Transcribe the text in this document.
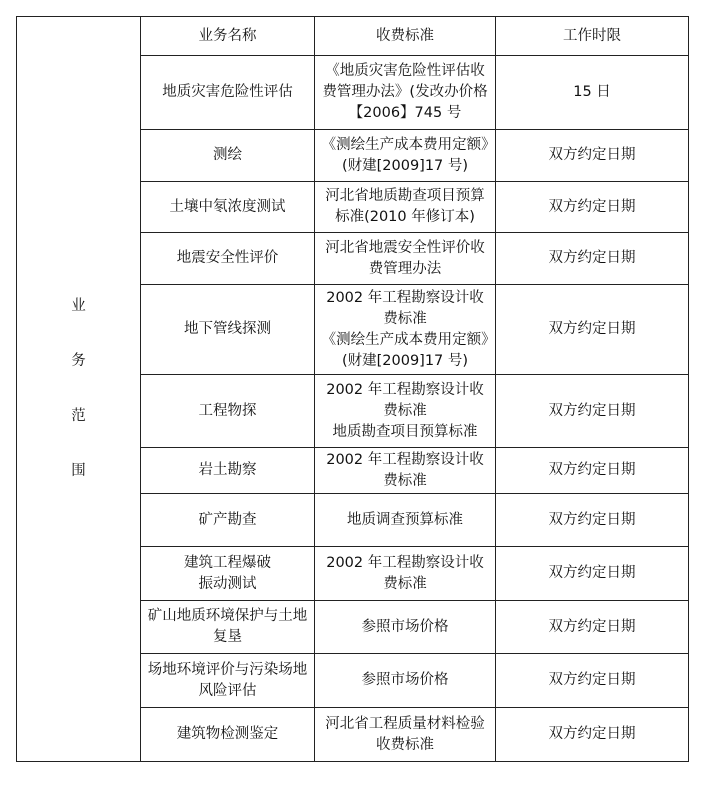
业务范围	业务名称	收费标准	工作时限

	地质灾害危险性评估	《地质灾害危险性评估收费管理办法》(发改办价格【2006】745 号	15 日

	测绘	《测绘生产成本费用定额》(财建[2009]17 号)	双方约定日期

	土壤中氡浓度测试	河北省地质勘查项目预算标准(2010 年修订本)	双方约定日期

	地震安全性评价	河北省地震安全性评价收费管理办法	双方约定日期

	地下管线探测	2002 年工程勘察设计收费标准
《测绘生产成本费用定额》(财建[2009]17 号)	双方约定日期

	工程物探	2002 年工程勘察设计收费标准
地质勘查项目预算标准	双方约定日期

	岩土勘察	2002 年工程勘察设计收费标准	双方约定日期

	矿产勘查	地质调查预算标准	双方约定日期

	建筑工程爆破
振动测试	2002 年工程勘察设计收费标准	双方约定日期

	矿山地质环境保护与土地复垦	参照市场价格	双方约定日期

	场地环境评价与污染场地风险评估	参照市场价格	双方约定日期

	建筑物检测鉴定	河北省工程质量材料检验收费标准	双方约定日期
